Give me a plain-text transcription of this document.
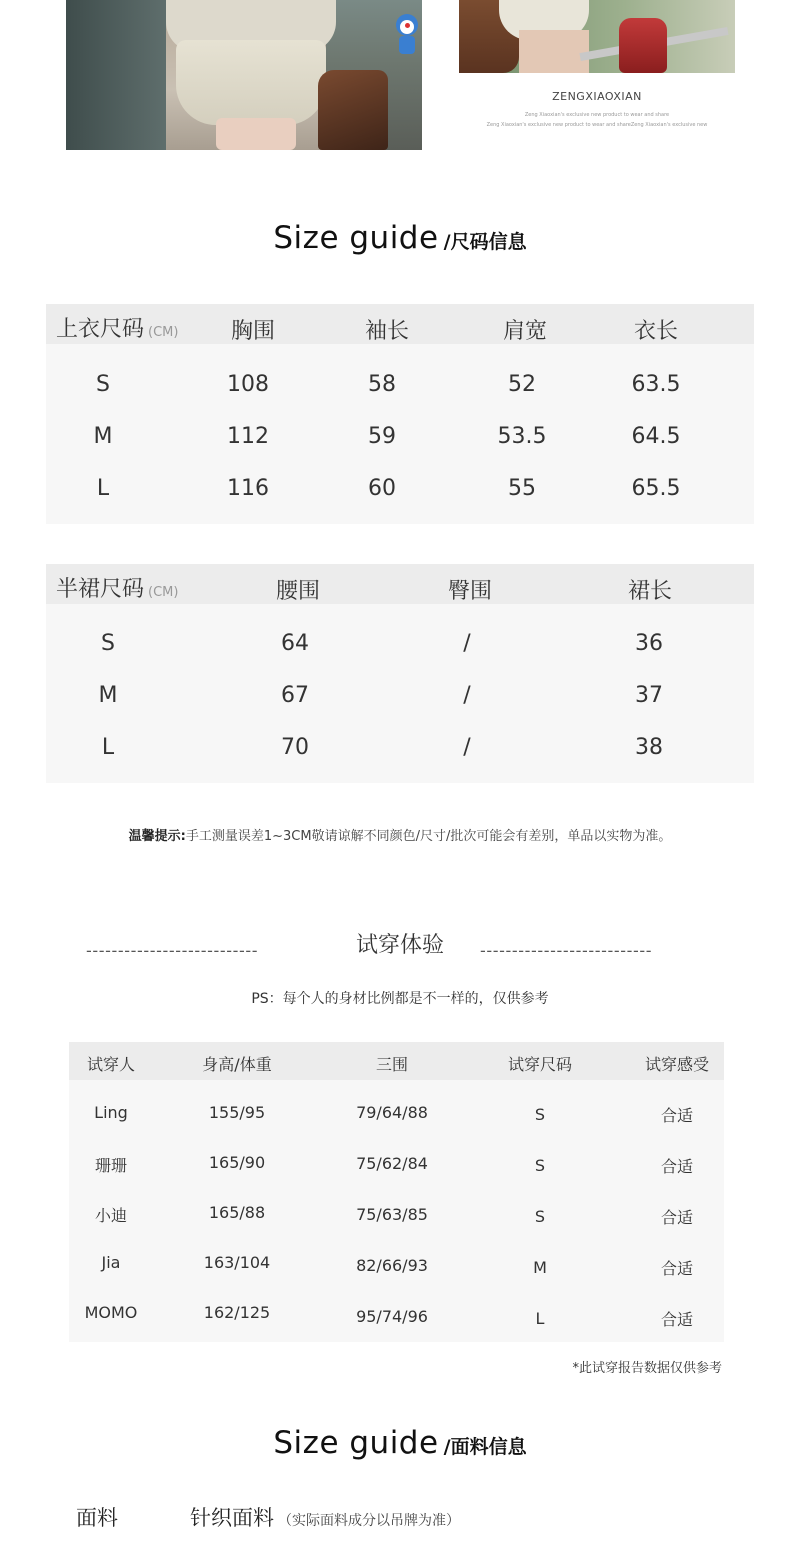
ZENGXIAOXIAN
Zeng Xiaoxian's exclusive new product to wear and share
Zeng Xiaoxian's exclusive new product to wear and shareZeng Xiaoxian's exclusive new
Size guide /尺码信息
上衣尺码 (CM)	胸围	袖长	肩宽	衣长
S	108	58	52	63.5
M	112	59	53.5	64.5
L	116	60	55	65.5
半裙尺码 (CM)	腰围	臀围	裙长
S	64	/	36
M	67	/	37
L	70	/	38
温馨提示:手工测量误差1~3CM敬请谅解不同颜色/尺寸/批次可能会有差别，单品以实物为准。
---------------------------	试穿体验	---------------------------
PS：每个人的身材比例都是不一样的，仅供参考
试穿人	身高/体重	三围	试穿尺码	试穿感受
Ling	155/95	79/64/88	S	合适
珊珊	165/90	75/62/84	S	合适
小迪	165/88	75/63/85	S	合适
Jia	163/104	82/66/93	M	合适
MOMO	162/125	95/74/96	L	合适
*此试穿报告数据仅供参考
Size guide /面料信息
面料	针织面料 （实际面料成分以吊牌为准）
